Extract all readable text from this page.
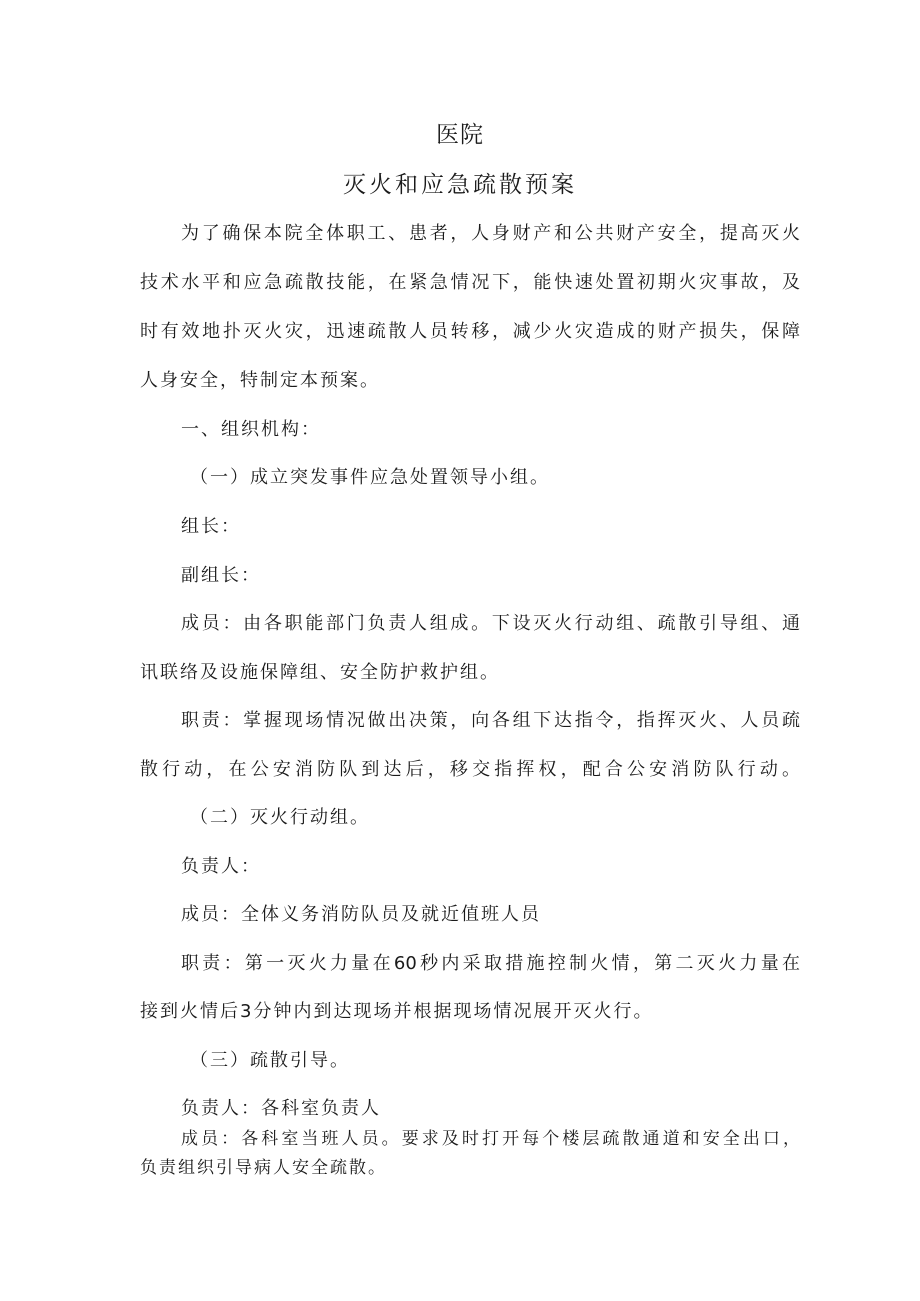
医院
灭火和应急疏散预案
为了确保本院全体职工、患者，人身财产和公共财产安全，提高灭火
技术水平和应急疏散技能，在紧急情况下，能快速处置初期火灾事故，及
时有效地扑灭火灾，迅速疏散人员转移，减少火灾造成的财产损失，保障
人身安全，特制定本预案。
一、组织机构：
（一）成立突发事件应急处置领导小组。
组长：
副组长：
成员：由各职能部门负责人组成。下设灭火行动组、疏散引导组、通
讯联络及设施保障组、安全防护救护组。
职责：掌握现场情况做出决策，向各组下达指令，指挥灭火、人员疏
散行动，在公安消防队到达后，移交指挥权，配合公安消防队行动。
（二）灭火行动组。
负责人：
成员：全体义务消防队员及就近值班人员
职责：第一灭火力量在60秒内采取措施控制火情，第二灭火力量在
接到火情后3分钟内到达现场并根据现场情况展开灭火行。
（三）疏散引导。
负责人：各科室负责人
成员：各科室当班人员。要求及时打开每个楼层疏散通道和安全出口，
负责组织引导病人安全疏散。
